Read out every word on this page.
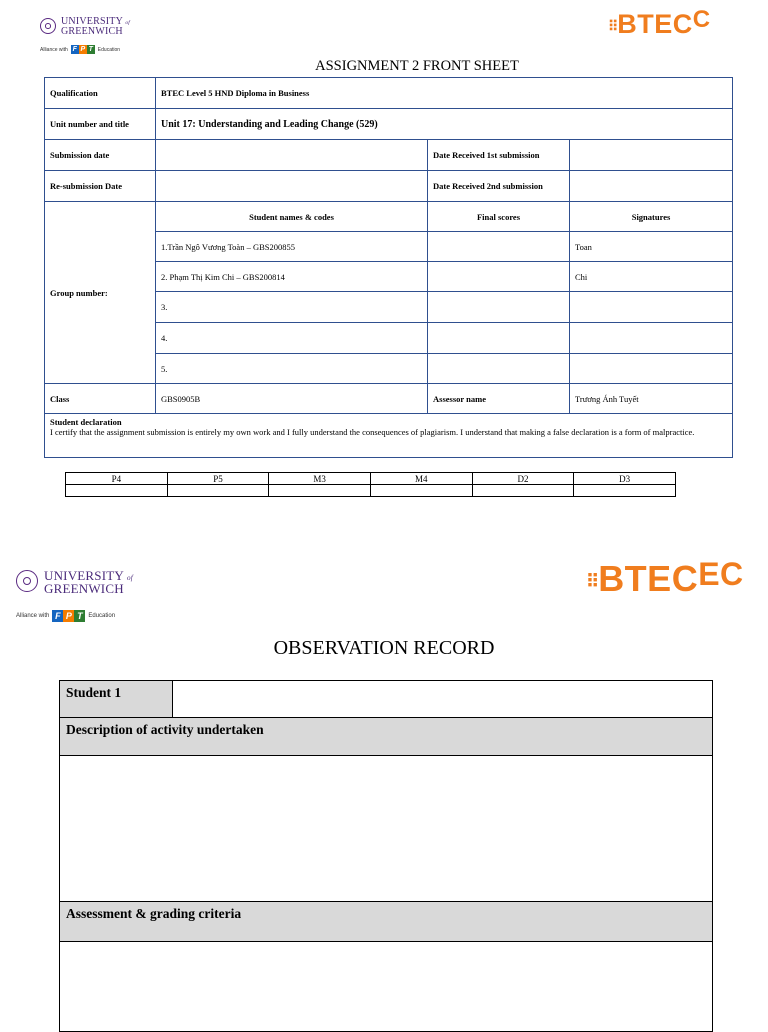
UNIVERSITY of
GREENWICH
Alliance with F P T Education
⠿BTECC
ASSIGNMENT 2 FRONT SHEET
Qualification	BTEC Level 5 HND Diploma in Business		
Unit number and title	Unit 17: Understanding and Leading Change (529)		
Submission date		Date Received 1st submission	
Re-submission Date		Date Received 2nd submission	
Group number:	Student names & codes	Final scores	Signatures
	1.Trần Ngô Vương Toàn – GBS200855		Toan
	2. Phạm Thị Kim Chi – GBS200814		Chi
	3.		
	4.		
	5.		
Class	GBS0905B	Assessor name	Trương Ánh Tuyết

Student declaration
I certify that the assignment submission is entirely my own work and I fully understand the consequences of plagiarism. I understand that making a false declaration is a form of malpractice.			
P4	P5	M3	M4	D2	D3

UNIVERSITY of
GREENWICH
Alliance with F P T Education
⠿BTECEC
OBSERVATION RECORD
Student 1	
Description of activity undertaken

Assessment & grading criteria
